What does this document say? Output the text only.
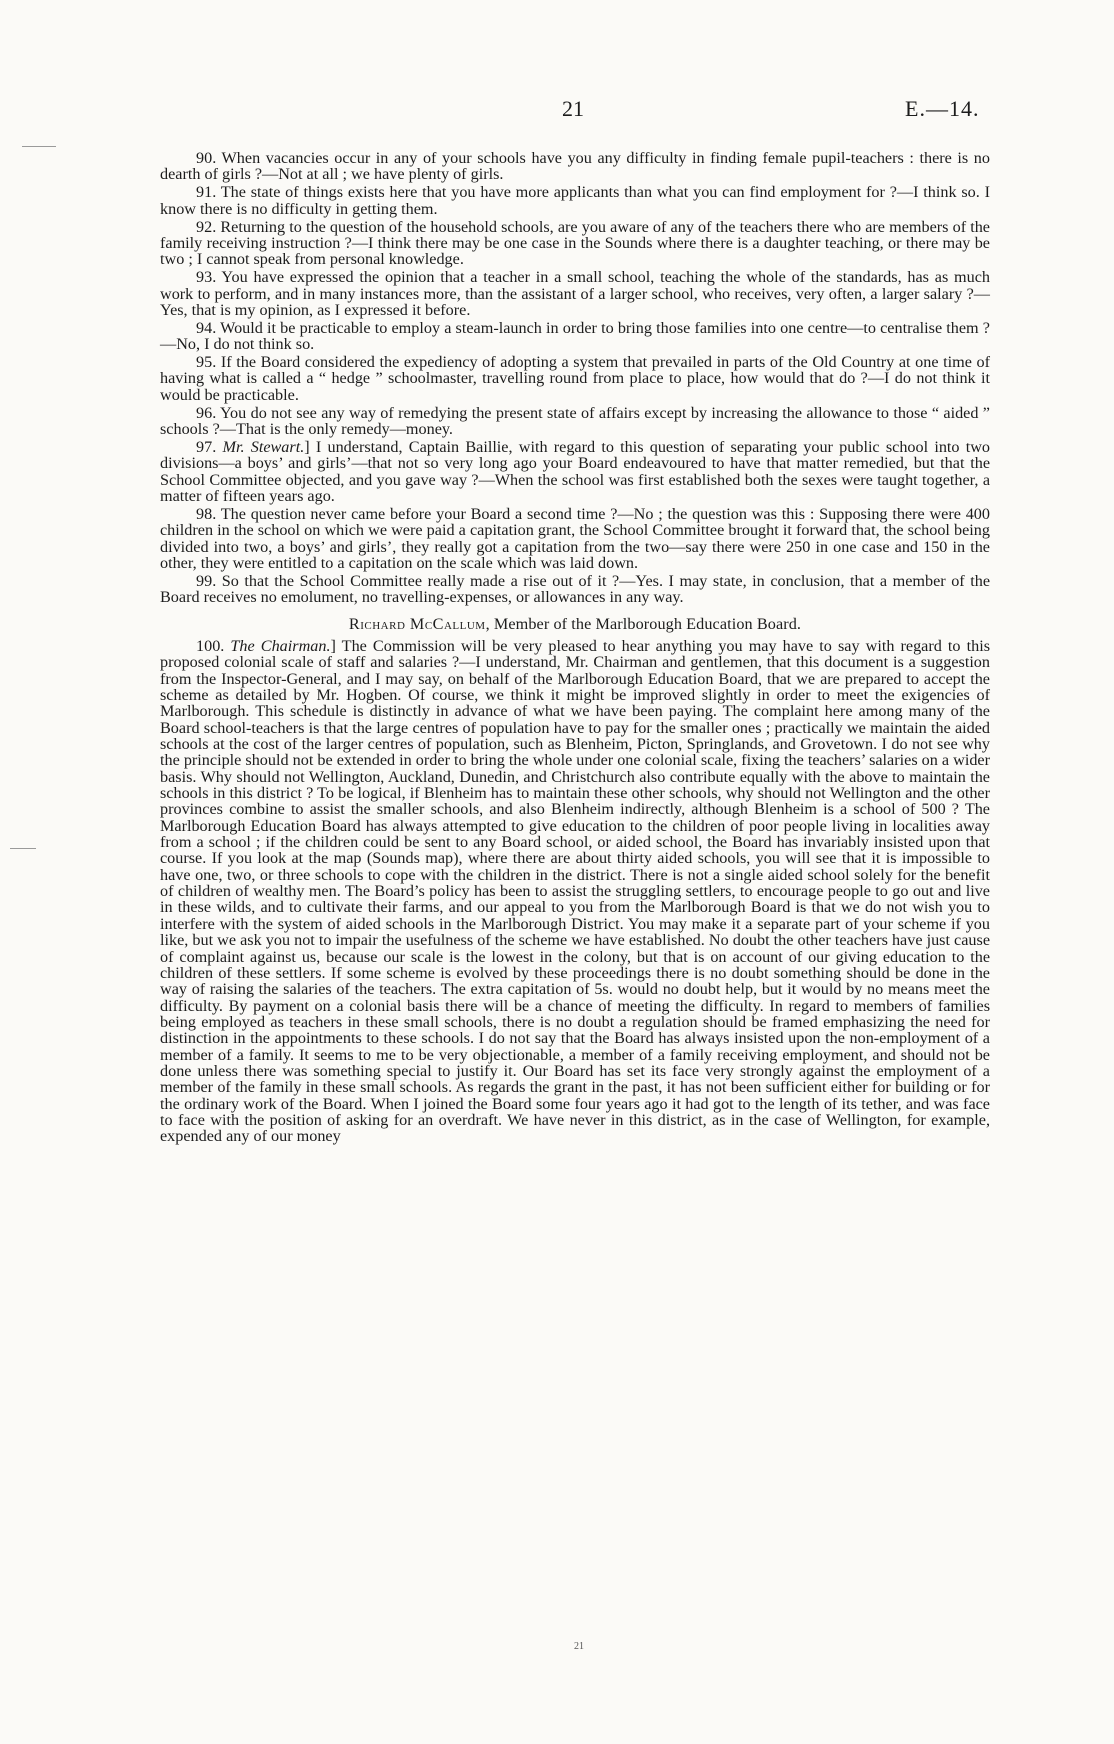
21	E.—14.

90. When vacancies occur in any of your schools have you any difficulty in finding female pupil-teachers : there is no dearth of girls ?—Not at all ; we have plenty of girls.

91. The state of things exists here that you have more applicants than what you can find employment for ?—I think so. I know there is no difficulty in getting them.

92. Returning to the question of the household schools, are you aware of any of the teachers there who are members of the family receiving instruction ?—I think there may be one case in the Sounds where there is a daughter teaching, or there may be two ; I cannot speak from personal knowledge.

93. You have expressed the opinion that a teacher in a small school, teaching the whole of the standards, has as much work to perform, and in many instances more, than the assistant of a larger school, who receives, very often, a larger salary ?—Yes, that is my opinion, as I expressed it before.

94. Would it be practicable to employ a steam-launch in order to bring those families into one centre—to centralise them ?—No, I do not think so.

95. If the Board considered the expediency of adopting a system that prevailed in parts of the Old Country at one time of having what is called a “ hedge ” schoolmaster, travelling round from place to place, how would that do ?—I do not think it would be practicable.

96. You do not see any way of remedying the present state of affairs except by increasing the allowance to those “ aided ” schools ?—That is the only remedy—money.

97. Mr. Stewart.] I understand, Captain Baillie, with regard to this question of separating your public school into two divisions—a boys’ and girls’—that not so very long ago your Board endeavoured to have that matter remedied, but that the School Committee objected, and you gave way ?—When the school was first established both the sexes were taught together, a matter of fifteen years ago.

98. The question never came before your Board a second time ?—No ; the question was this : Supposing there were 400 children in the school on which we were paid a capitation grant, the School Committee brought it forward that, the school being divided into two, a boys’ and girls’, they really got a capitation from the two—say there were 250 in one case and 150 in the other, they were entitled to a capitation on the scale which was laid down.

99. So that the School Committee really made a rise out of it ?—Yes. I may state, in conclusion, that a member of the Board receives no emolument, no travelling-expenses, or allowances in any way.

Richard McCallum, Member of the Marlborough Education Board.

100. The Chairman.] The Commission will be very pleased to hear anything you may have to say with regard to this proposed colonial scale of staff and salaries ?—I understand, Mr. Chairman and gentlemen, that this document is a suggestion from the Inspector-General, and I may say, on behalf of the Marlborough Education Board, that we are prepared to accept the scheme as detailed by Mr. Hogben. Of course, we think it might be improved slightly in order to meet the exigencies of Marlborough. This schedule is distinctly in advance of what we have been paying. The complaint here among many of the Board school-teachers is that the large centres of population have to pay for the smaller ones ; practically we maintain the aided schools at the cost of the larger centres of population, such as Blenheim, Picton, Springlands, and Grovetown. I do not see why the principle should not be extended in order to bring the whole under one colonial scale, fixing the teachers’ salaries on a wider basis. Why should not Wellington, Auckland, Dunedin, and Christchurch also contribute equally with the above to maintain the schools in this district ? To be logical, if Blenheim has to maintain these other schools, why should not Wellington and the other provinces combine to assist the smaller schools, and also Blenheim indirectly, although Blenheim is a school of 500 ? The Marlborough Education Board has always attempted to give education to the children of poor people living in localities away from a school ; if the children could be sent to any Board school, or aided school, the Board has invariably insisted upon that course. If you look at the map (Sounds map), where there are about thirty aided schools, you will see that it is impossible to have one, two, or three schools to cope with the children in the district. There is not a single aided school solely for the benefit of children of wealthy men. The Board’s policy has been to assist the struggling settlers, to encourage people to go out and live in these wilds, and to cultivate their farms, and our appeal to you from the Marlborough Board is that we do not wish you to interfere with the system of aided schools in the Marlborough District. You may make it a separate part of your scheme if you like, but we ask you not to impair the usefulness of the scheme we have established. No doubt the other teachers have just cause of complaint against us, because our scale is the lowest in the colony, but that is on account of our giving education to the children of these settlers. If some scheme is evolved by these proceedings there is no doubt something should be done in the way of raising the salaries of the teachers. The extra capitation of 5s. would no doubt help, but it would by no means meet the difficulty. By payment on a colonial basis there will be a chance of meeting the difficulty. In regard to members of families being employed as teachers in these small schools, there is no doubt a regulation should be framed emphasizing the need for distinction in the appointments to these schools. I do not say that the Board has always insisted upon the non-employment of a member of a family. It seems to me to be very objectionable, a member of a family receiving employment, and should not be done unless there was something special to justify it. Our Board has set its face very strongly against the employment of a member of the family in these small schools. As regards the grant in the past, it has not been sufficient either for building or for the ordinary work of the Board. When I joined the Board some four years ago it had got to the length of its tether, and was face to face with the position of asking for an overdraft. We have never in this district, as in the case of Wellington, for example, expended any of our money

21
